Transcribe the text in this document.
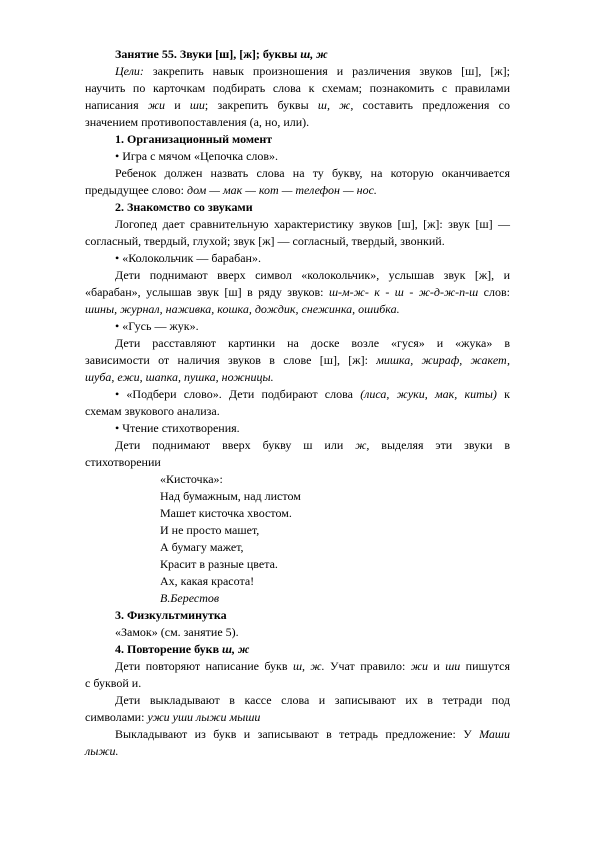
Занятие 55. Звуки [ш], [ж]; буквы ш, ж
Цели: закрепить навык произношения и различения звуков [ш], [ж];
научить по карточкам подбирать слова к схемам; познакомить с правилами
написания жи и ши; закрепить буквы ш, ж, составить предложения со
значением противопоставления (а, но, или).
1. Организационный момент
• Игра с мячом «Цепочка слов».
Ребенок должен назвать слова на ту букву, на которую оканчивается
предыдущее слово: дом — мак — кот — телефон — нос.
2. Знакомство со звуками
Логопед дает сравнительную характеристику звуков [ш], [ж]: звук [ш] —
согласный, твердый, глухой; звук [ж] — согласный, твердый, звонкий.
• «Колокольчик — барабан».
Дети поднимают вверх символ «колокольчик», услышав звук [ж], и
«барабан», услышав звук [ш] в ряду звуков: ш-м-ж- к - ш - ж-д-ж-п-ш слов:
шины, журнал, наживка, кошка, дождик, снежинка, ошибка.
• «Гусь — жук».
Дети расставляют картинки на доске возле «гуся» и «жука» в
зависимости от наличия звуков в слове [ш], [ж]: мишка, жираф, жакет,
шуба, ежи, шапка, пушка, ножницы.
• «Подбери слово». Дети подбирают слова (лиса, жуки, мак, киты) к
схемам звукового анализа.
• Чтение стихотворения.
Дети поднимают вверх букву ш или ж, выделяя эти звуки в
стихотворении
«Кисточка»:
Над бумажным, над листом
Машет кисточка хвостом.
И не просто машет,
А бумагу мажет,
Красит в разные цвета.
Ах, какая красота!
В.Берестов
3. Физкультминутка
«Замок» (см. занятие 5).
4. Повторение букв ш, ж
Дети повторяют написание букв ш, ж. Учат правило: жи и ши пишутся
с буквой и.
Дети выкладывают в кассе слова и записывают их в тетради под
символами: ужи уши лыжи мыши
Выкладывают из букв и записывают в тетрадь предложение: У Маши
лыжи.
